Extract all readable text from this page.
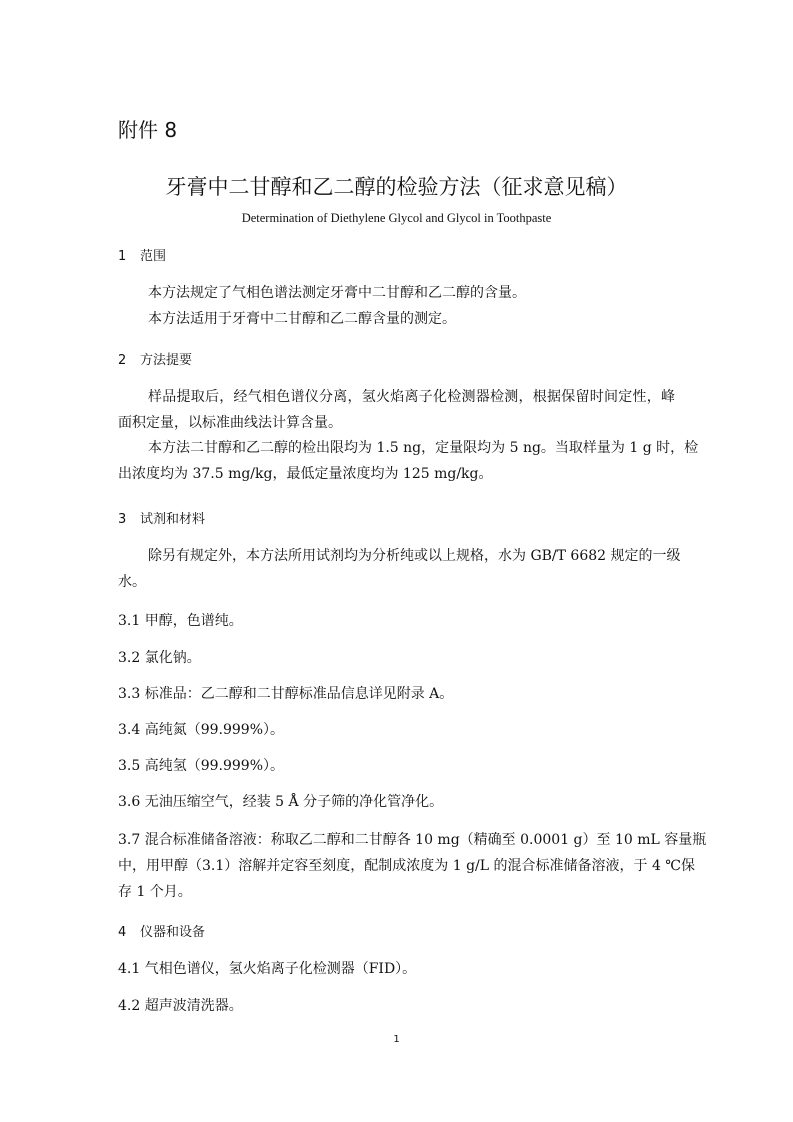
附件 8
牙膏中二甘醇和乙二醇的检验方法（征求意见稿）
Determination of Diethylene Glycol and Glycol in Toothpaste
1 范围
本方法规定了气相色谱法测定牙膏中二甘醇和乙二醇的含量。
本方法适用于牙膏中二甘醇和乙二醇含量的测定。
2 方法提要
样品提取后，经气相色谱仪分离，氢火焰离子化检测器检测，根据保留时间定性，峰
面积定量，以标准曲线法计算含量。
本方法二甘醇和乙二醇的检出限均为 1.5 ng，定量限均为 5 ng。当取样量为 1 g 时，检
出浓度均为 37.5 mg/kg，最低定量浓度均为 125 mg/kg。
3 试剂和材料
除另有规定外，本方法所用试剂均为分析纯或以上规格，水为 GB/T 6682 规定的一级
水。
3.1 甲醇，色谱纯。
3.2 氯化钠。
3.3 标准品：乙二醇和二甘醇标准品信息详见附录 A。
3.4 高纯氮（99.999%）。
3.5 高纯氢（99.999%）。
3.6 无油压缩空气，经装 5 Å 分子筛的净化管净化。
3.7 混合标准储备溶液：称取乙二醇和二甘醇各 10 mg（精确至 0.0001 g）至 10 mL 容量瓶
中，用甲醇（3.1）溶解并定容至刻度，配制成浓度为 1 g/L 的混合标准储备溶液，于 4 ℃保
存 1 个月。
4 仪器和设备
4.1 气相色谱仪，氢火焰离子化检测器（FID）。
4.2 超声波清洗器。
1
